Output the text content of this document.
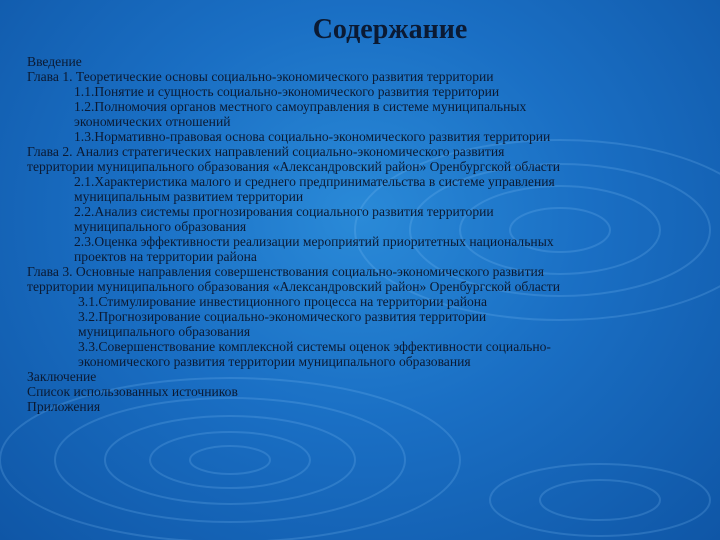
Содержание
Введение
Глава 1. Теоретические основы социально-экономического развития территории
1.1.Понятие и сущность социально-экономического развития территории
1.2.Полномочия органов местного самоуправления в системе муниципальных
экономических отношений
1.3.Нормативно-правовая основа социально-экономического развития территории
Глава 2. Анализ стратегических направлений социально-экономического развития
территории муниципального образования «Александровский район» Оренбургской области
2.1.Характеристика малого и среднего предпринимательства в системе управления
муниципальным развитием территории
2.2.Анализ системы прогнозирования социального развития территории
муниципального образования
2.3.Оценка эффективности реализации мероприятий приоритетных национальных
проектов на территории района
Глава 3. Основные направления совершенствования социально-экономического развития
территории муниципального образования «Александровский район» Оренбургской области
3.1.Стимулирование инвестиционного процесса на территории района
3.2.Прогнозирование социально-экономического развития территории
муниципального образования
3.3.Совершенствование комплексной системы оценок эффективности социально-
экономического развития территории муниципального образования
Заключение
Список использованных источников
Приложения
